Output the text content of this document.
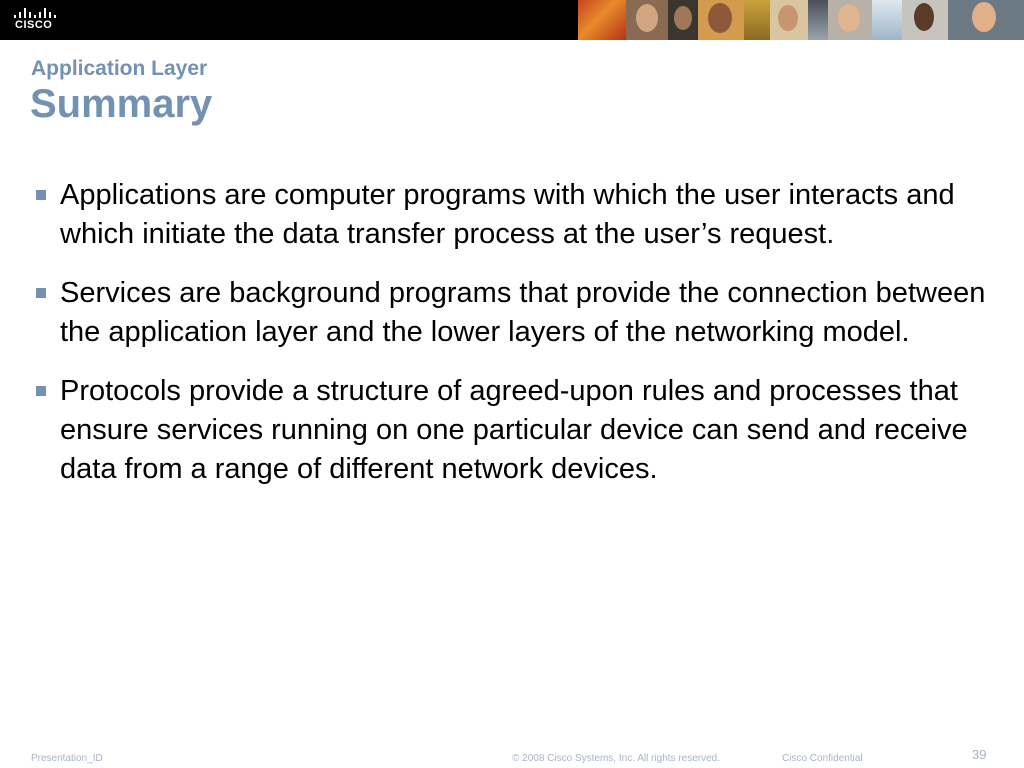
CISCO
Application Layer
Summary
Applications are computer programs with which the user interacts and which initiate the data transfer process at the user’s request.
Services are background programs that provide the connection between the application layer and the lower layers of the networking model.
Protocols provide a structure of agreed-upon rules and processes that ensure services running on one particular device can send and receive data from a range of different network devices.
Presentation_ID	© 2008 Cisco Systems, Inc. All rights reserved.	Cisco Confidential	39
